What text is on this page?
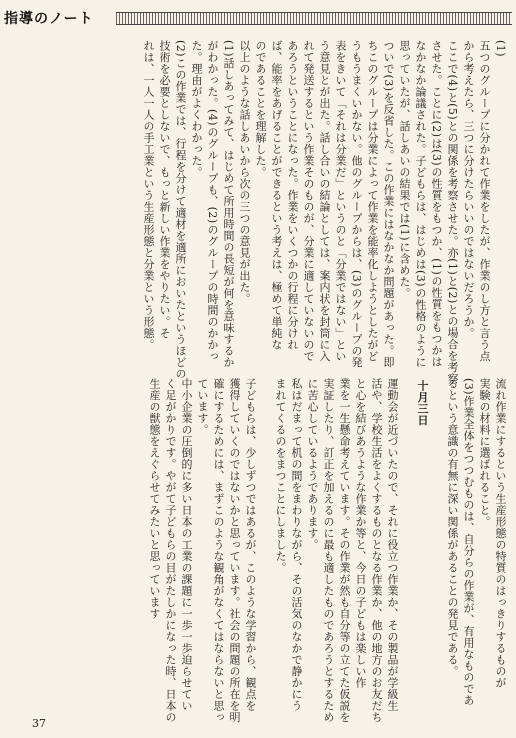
指導のノート

(1)

五つのグループに分かれて作業をしたが、作業のし方と言う点

から考えたら、三つに分けたらいいのではないだろうか。

ここで(4)と(5)との関係を考察させた。亦(1)と(2)との場合を考察

させた。ことに(2)は(3)の性質をもつか、(1)の性質をもつかは

なかなか論議された。子どもらは、はじめは(3)の性格のように

思っていたが、話しあいの結果では(1)に含めた。

ついで(3)を反省した。この作業にはなかなか問題があった。即

ちこのグループは分業によって作業を能率化しようとしたがど

うもうまくいかない。他のグループからは、(3)のグループの発

表をきいて「それは分業だ」というのと「分業ではない」とい

う意見とが出た。話し合いの結論としては、案内状を封筒に入

れて発送するという作業そのものが、分業に適していないので

あろうということになった。作業をいくつかの行程に分けれ

ば、能率をあげることができるという考えは、極めて単純な

のであることを理解した。

以上のような話しあいから次の三つの意見が出た。

(1)話しあってみて、はじめて所用時間の長短が何を意味するか

がわかった。(4)のグループも、(2)のグループの時間のかかっ

た。理由がよくわかった。

(2)この作業では、行程を分けて適材を適所においたというほどの

技術を必要としないで、もっと新しい作業をやりたい。そ

れは、一人一人の手工業という生産形態と分業という形態。

流れ作業にするという生産形態の特質のはっきりするものが

実験の材料に選ばれること。

(3)作業全体をつつむものは、自分らの作業が、有用なものであ

るという意識の有無に深い関係があることの発見である。

十月三日

運動会が近づいたので、それに役立つ作業か、その製品が学級生

活や、学校生活をよくするものとなる作業か、他の地方のお友だち

と心を結びあうような作業か等と、今日の子どもは楽しい作

業を一生懸命考えています。その作業が然も自分等の立てた仮説を

実証したり、訂正を加えるのに最も適したものであろうとするため

に苦心しているようであります。

私はだまって机の間をまわりながら、その活気のなかで静かにう

まれてくるのをまつことにしました。

子どもらは、少しずつではあるが、このような学習から、観点を

獲得していくのではないかと思っています。社会の問題の所在を明

確にするためには、まずこのような観角がなくてはならないと思っ

ています。

中小企業の圧倒的に多い日本の工業の課題に一歩一歩迫らせてい

く足がかりです。やがて子どもらの目がたしかになった時、日本の

生産の獣態をえぐらせてみたいと思っています

37
